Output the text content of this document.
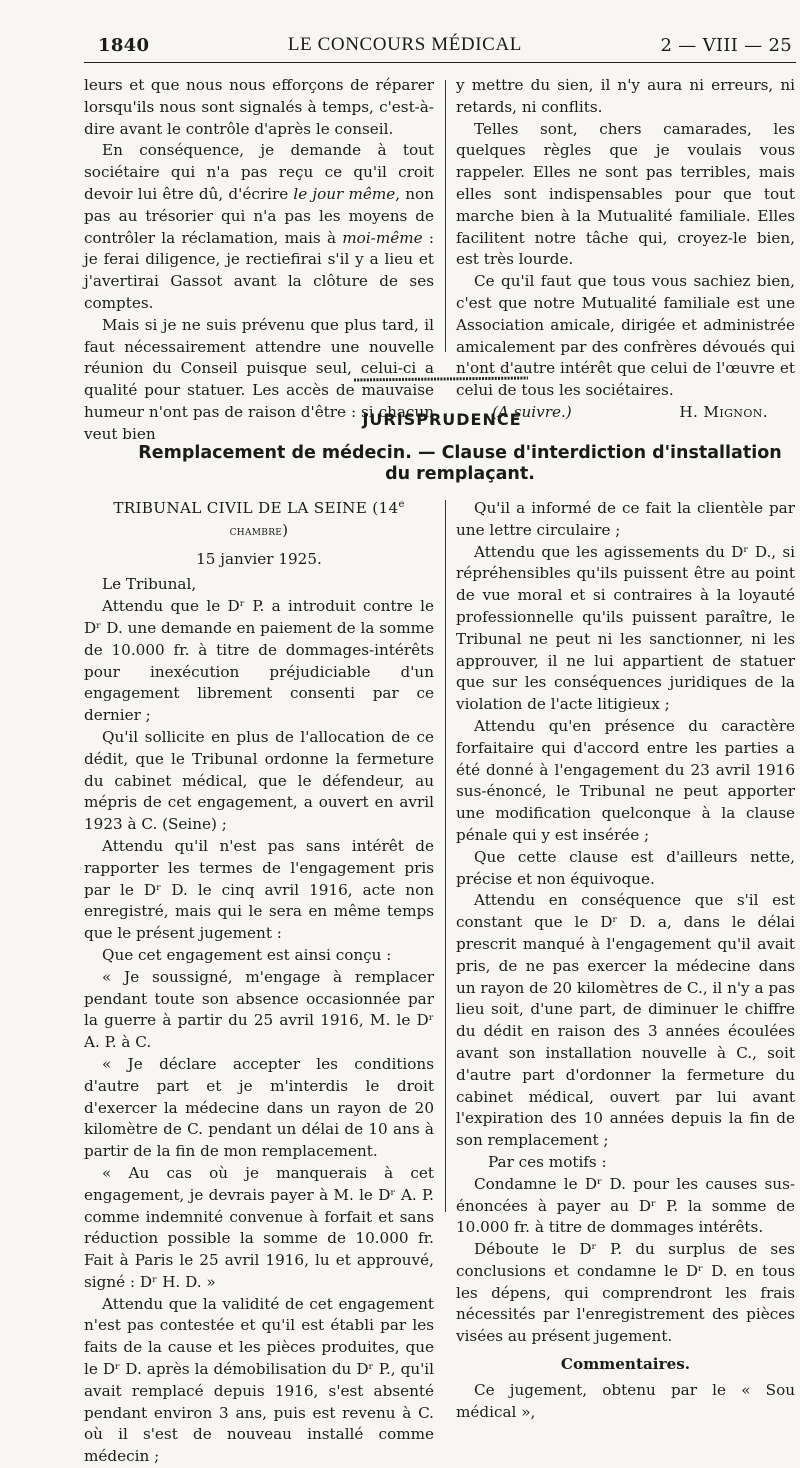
1840	LE CONCOURS MÉDICAL	2 — VIII — 25

leurs et que nous nous efforçons de réparer lorsqu'ils nous sont signalés à temps, c'est-à-dire avant le contrôle d'après le conseil.

En conséquence, je demande à tout sociétaire qui n'a pas reçu ce qu'il croit devoir lui être dû, d'écrire le jour même, non pas au trésorier qui n'a pas les moyens de contrôler la réclamation, mais à moi-même : je ferai diligence, je rectiefirai s'il y a lieu et j'avertirai Gassot avant la clôture de ses comptes.

Mais si je ne suis prévenu que plus tard, il faut nécessairement attendre une nouvelle réunion du Conseil puisque seul, celui-ci a qualité pour statuer. Les accès de mauvaise humeur n'ont pas de raison d'être : si chacun veut bien

y mettre du sien, il n'y aura ni erreurs, ni retards, ni conflits.

Telles sont, chers camarades, les quelques règles que je voulais vous rappeler. Elles ne sont pas terribles, mais elles sont indispensables pour que tout marche bien à la Mutualité familiale. Elles facilitent notre tâche qui, croyez-le bien, est très lourde.

Ce qu'il faut que tous vous sachiez bien, c'est que notre Mutualité familiale est une Association amicale, dirigée et administrée amicalement par des confrères dévoués qui n'ont d'autre intérêt que celui de l'œuvre et celui de tous les sociétaires.

(A suivre.)	H. Mignon.

JURISPRUDENCE
Remplacement de médecin. — Clause d'interdiction d'installation
du remplaçant.

TRIBUNAL CIVIL DE LA SEINE (14e chambre)

15 janvier 1925.

Le Tribunal,

Attendu que le Dʳ P. a introduit contre le Dʳ D. une demande en paiement de la somme de 10.000 fr. à titre de dommages-intérêts pour inexécution préjudiciable d'un engagement librement consenti par ce dernier ;

Qu'il sollicite en plus de l'allocation de ce dédit, que le Tribunal ordonne la fermeture du cabinet médical, que le défendeur, au mépris de cet engagement, a ouvert en avril 1923 à C. (Seine) ;

Attendu qu'il n'est pas sans intérêt de rapporter les termes de l'engagement pris par le Dʳ D. le cinq avril 1916, acte non enregistré, mais qui le sera en même temps que le présent jugement :

Que cet engagement est ainsi conçu :

« Je soussigné, m'engage à remplacer pendant toute son absence occasionnée par la guerre à partir du 25 avril 1916, M. le Dʳ A. P. à C.

« Je déclare accepter les conditions d'autre part et je m'interdis le droit d'exercer la médecine dans un rayon de 20 kilomètre de C. pendant un délai de 10 ans à partir de la fin de mon remplacement.

« Au cas où je manquerais à cet engagement, je devrais payer à M. le Dʳ A. P. comme indemnité convenue à forfait et sans réduction possible la somme de 10.000 fr. Fait à Paris le 25 avril 1916, lu et approuvé, signé : Dʳ H. D. »

Attendu que la validité de cet engagement n'est pas contestée et qu'il est établi par les faits de la cause et les pièces produites, que le Dʳ D. après la démobilisation du Dʳ P., qu'il avait remplacé depuis 1916, s'est absenté pendant environ 3 ans, puis est revenu à C. où il s'est de nouveau installé comme médecin ;

Qu'il a informé de ce fait la clientèle par une lettre circulaire ;

Attendu que les agissements du Dʳ D., si répréhensibles qu'ils puissent être au point de vue moral et si contraires à la loyauté professionnelle qu'ils puissent paraître, le Tribunal ne peut ni les sanctionner, ni les approuver, il ne lui appartient de statuer que sur les conséquences juridiques de la violation de l'acte litigieux ;

Attendu qu'en présence du caractère forfaitaire qui d'accord entre les parties a été donné à l'engagement du 23 avril 1916 sus-énoncé, le Tribunal ne peut apporter une modification quelconque à la clause pénale qui y est insérée ;

Que cette clause est d'ailleurs nette, précise et non équivoque.

Attendu en conséquence que s'il est constant que le Dʳ D. a, dans le délai prescrit manqué à l'engagement qu'il avait pris, de ne pas exercer la médecine dans un rayon de 20 kilomètres de C., il n'y a pas lieu soit, d'une part, de diminuer le chiffre du dédit en raison des 3 années écoulées avant son installation nouvelle à C., soit d'autre part d'ordonner la fermeture du cabinet médical, ouvert par lui avant l'expiration des 10 années depuis la fin de son remplacement ;

Par ces motifs :

Condamne le Dʳ D. pour les causes sus-énoncées à payer au Dʳ P. la somme de 10.000 fr. à titre de dommages intérêts.

Déboute le Dʳ P. du surplus de ses conclusions et condamne le Dʳ D. en tous les dépens, qui comprendront les frais nécessités par l'enregistrement des pièces visées au présent jugement.

Commentaires.

Ce jugement, obtenu par le « Sou médical »,
